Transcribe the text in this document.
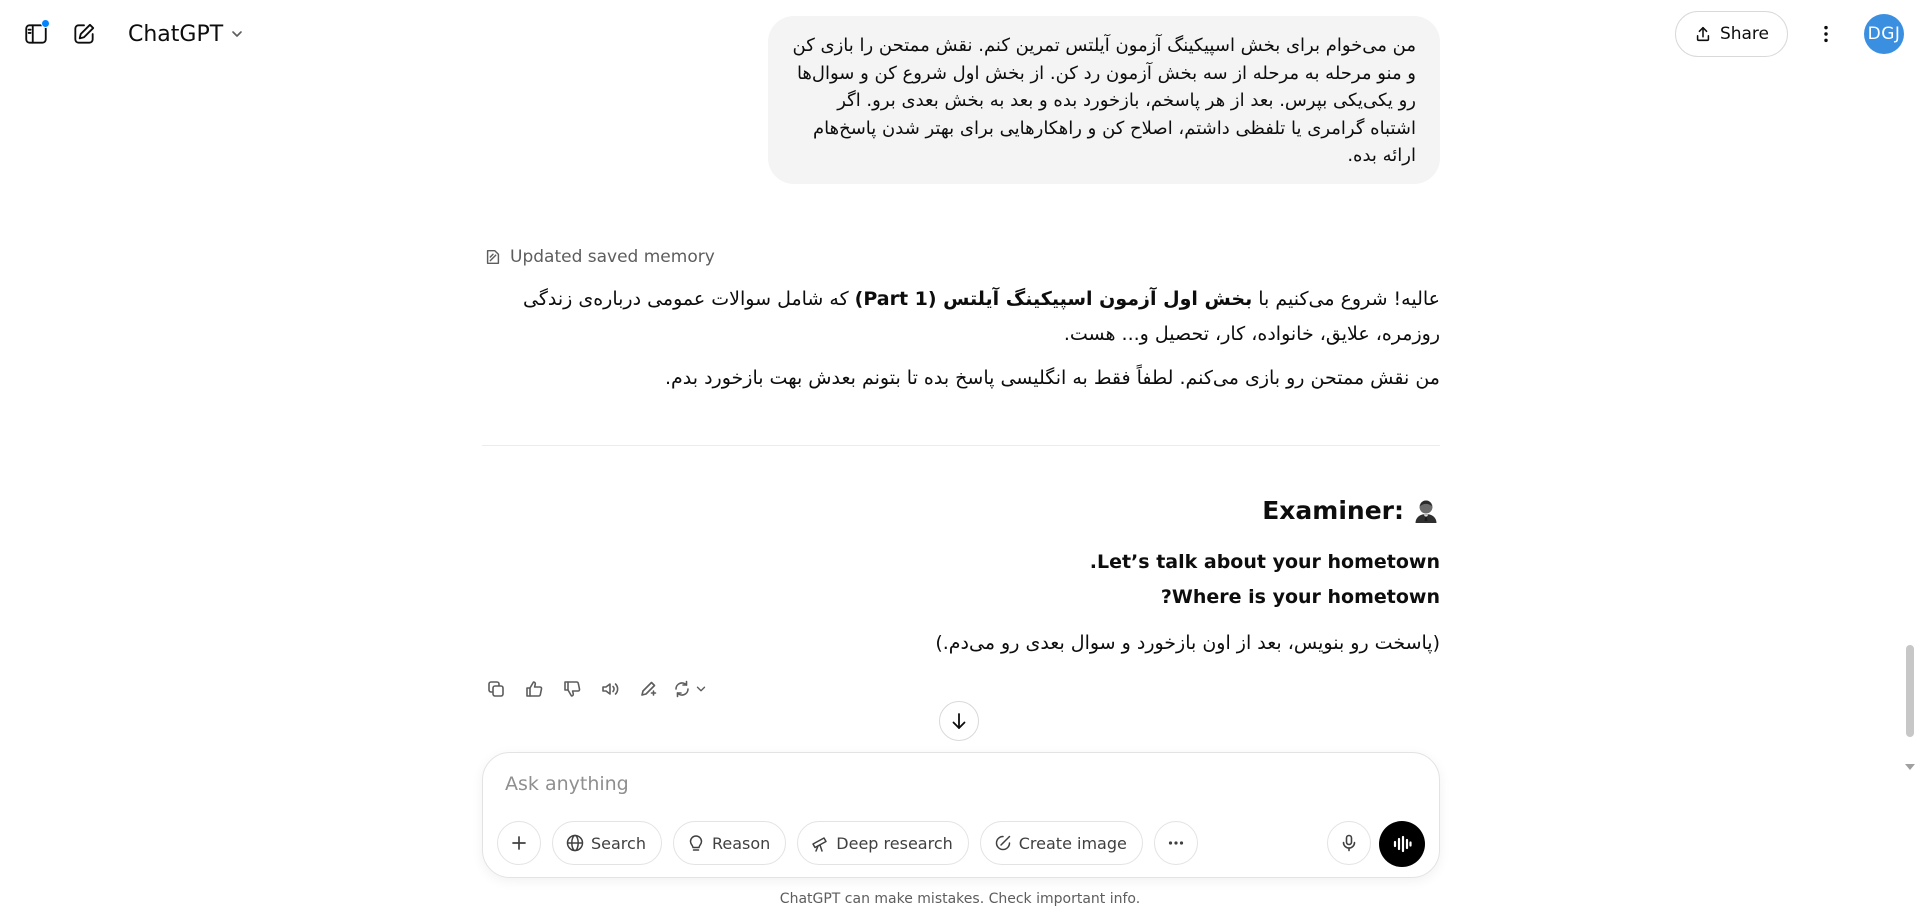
ChatGPT	Share	DGJ
من می‌خوام برای بخش اسپیکینگ آزمون آیلتس تمرین کنم. نقش ممتحن را بازی کن و منو مرحله به مرحله از سه بخش آزمون رد کن. از بخش اول شروع کن و سوال‌ها رو یکی‌یکی بپرس. بعد از هر پاسخم، بازخورد بده و بعد به بخش بعدی برو. اگر اشتباه گرامری یا تلفظی داشتم، اصلاح کن و راهکارهایی برای بهتر شدن پاسخ‌هام ارائه بده.
Updated saved memory
عالیه! شروع می‌کنیم با بخش اول آزمون اسپیکینگ آیلتس (Part 1) که شامل سوالات عمومی درباره‌ی زندگی روزمره، علایق، خانواده، کار، تحصیل و... هست.
من نقش ممتحن رو بازی می‌کنم. لطفاً فقط به انگلیسی پاسخ بده تا بتونم بعدش بهت بازخورد بدم.
Examiner:
Let’s talk about your hometown.
Where is your hometown?
(پاسخت رو بنویس، بعد از اون بازخورد و سوال بعدی رو می‌دم.)
Ask anything
Search	Reason	Deep research	Create image
ChatGPT can make mistakes. Check important info.
